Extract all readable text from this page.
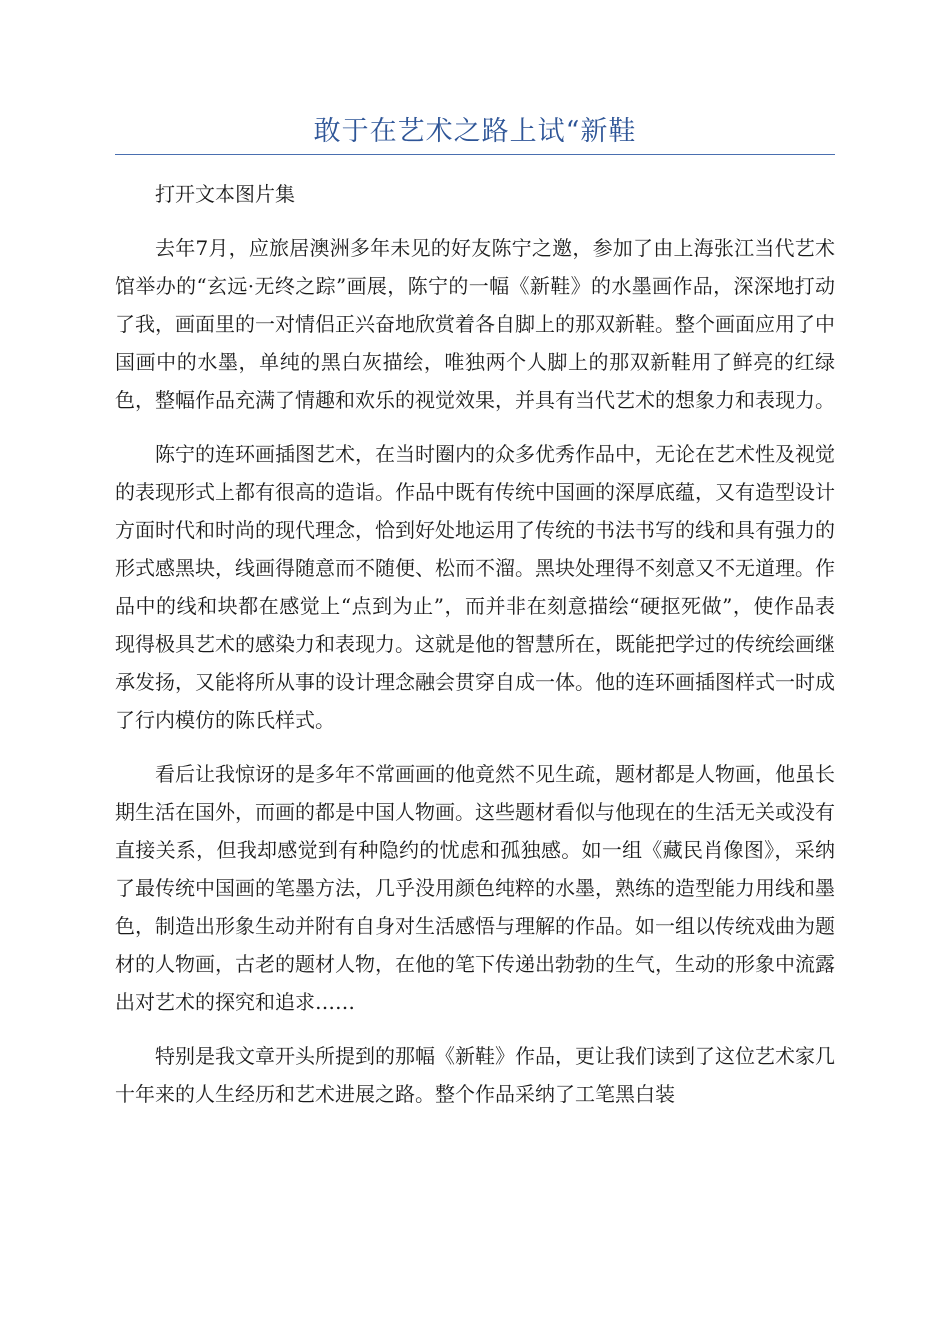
敢于在艺术之路上试“新鞋

打开文本图片集

去年7月，应旅居澳洲多年未见的好友陈宁之邀，参加了由上海张江当代艺术馆举办的“玄远·无终之踪”画展，陈宁的一幅《新鞋》的水墨画作品，深深地打动了我，画面里的一对情侣正兴奋地欣赏着各自脚上的那双新鞋。整个画面应用了中国画中的水墨，单纯的黑白灰描绘，唯独两个人脚上的那双新鞋用了鲜亮的红绿色，整幅作品充满了情趣和欢乐的视觉效果，并具有当代艺术的想象力和表现力。

陈宁的连环画插图艺术，在当时圈内的众多优秀作品中，无论在艺术性及视觉的表现形式上都有很高的造诣。作品中既有传统中国画的深厚底蕴，又有造型设计方面时代和时尚的现代理念，恰到好处地运用了传统的书法书写的线和具有强力的形式感黑块，线画得随意而不随便、松而不溜。黑块处理得不刻意又不无道理。作品中的线和块都在感觉上“点到为止”，而并非在刻意描绘“硬抠死做”，使作品表现得极具艺术的感染力和表现力。这就是他的智慧所在，既能把学过的传统绘画继承发扬，又能将所从事的设计理念融会贯穿自成一体。他的连环画插图样式一时成了行内模仿的陈氏样式。

看后让我惊讶的是多年不常画画的他竟然不见生疏，题材都是人物画，他虽长期生活在国外，而画的都是中国人物画。这些题材看似与他现在的生活无关或没有直接关系，但我却感觉到有种隐约的忧虑和孤独感。如一组《藏民肖像图》，采纳了最传统中国画的笔墨方法，几乎没用颜色纯粹的水墨，熟练的造型能力用线和墨色，制造出形象生动并附有自身对生活感悟与理解的作品。如一组以传统戏曲为题材的人物画，古老的题材人物，在他的笔下传递出勃勃的生气，生动的形象中流露出对艺术的探究和追求……

特别是我文章开头所提到的那幅《新鞋》作品，更让我们读到了这位艺术家几十年来的人生经历和艺术进展之路。整个作品采纳了工笔黑白装
